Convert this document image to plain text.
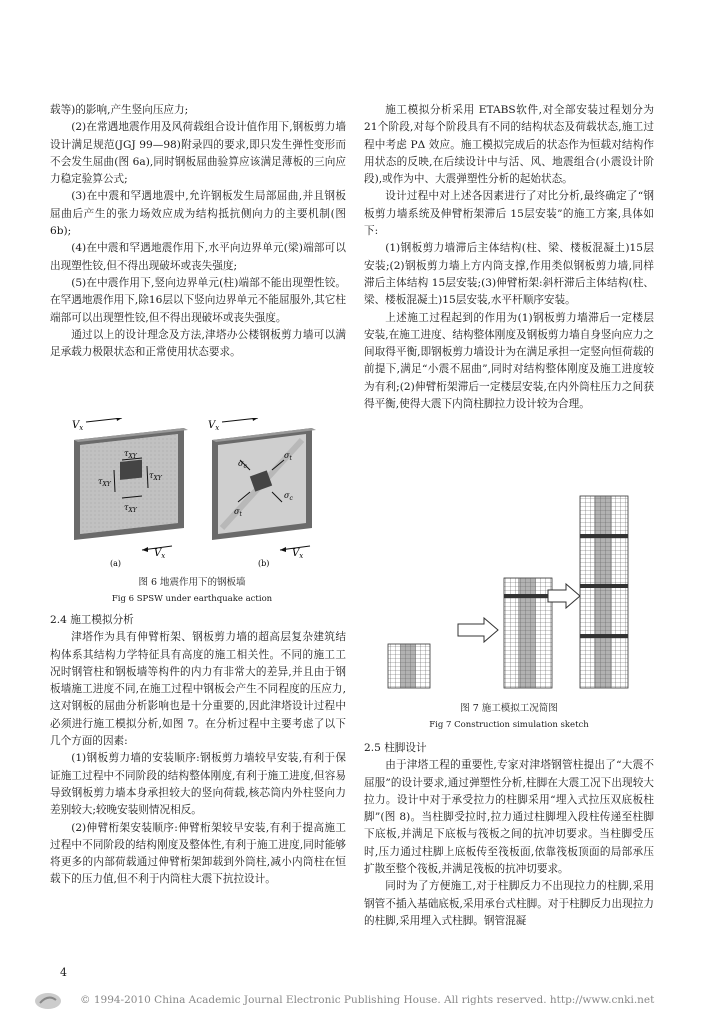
载等)的影响,产生竖向压应力;

(2)在常遇地震作用及风荷载组合设计值作用下,钢板剪力墙设计满足规范(JGJ 99—98)附录四的要求,即只发生弹性变形而不会发生屈曲(图 6a),同时钢板屈曲验算应该满足薄板的三向应力稳定验算公式;

(3)在中震和罕遇地震中,允许钢板发生局部屈曲,并且钢板屈曲后产生的张力场效应成为结构抵抗侧向力的主要机制(图 6b);

(4)在中震和罕遇地震作用下,水平向边界单元(梁)端部可以出现塑性铰,但不得出现破坏或丧失强度;

(5)在中震作用下,竖向边界单元(柱)端部不能出现塑性铰。在罕遇地震作用下,除16层以下竖向边界单元不能屈服外,其它柱端部可以出现塑性铰,但不得出现破坏或丧失强度。

通过以上的设计理念及方法,津塔办公楼钢板剪力墙可以满足承载力极限状态和正常使用状态要求。

$V_x$
$V_x$
$\tau_{XY}$
$\tau_{XY}$
$\tau_{XY}$
$\tau_{XY}$
(a)
$V_x$
$V_x$
$\sigma_c$
$\sigma_t$
$\sigma_c$
$\sigma_t$
(b)
图 6 地震作用下的钢板墙
Fig 6 SPSW under earthquake action

2.4 施工模拟分析

津塔作为具有伸臂桁架、钢板剪力墙的超高层复杂建筑结构体系其结构力学特征具有高度的施工相关性。不同的施工工况时钢管柱和钢板墙等构件的内力有非常大的差异,并且由于钢板墙施工进度不同,在施工过程中钢板会产生不同程度的压应力,这对钢板的屈曲分析影响也是十分重要的,因此津塔设计过程中必须进行施工模拟分析,如图 7。在分析过程中主要考虑了以下几个方面的因素:

(1)钢板剪力墙的安装顺序:钢板剪力墙较早安装,有利于保证施工过程中不同阶段的结构整体刚度,有利于施工进度,但容易导致钢板剪力墙本身承担较大的竖向荷载,核芯筒内外柱竖向力差别较大;较晚安装则情况相反。

(2)伸臂桁架安装顺序:伸臂桁架较早安装,有利于提高施工过程中不同阶段的结构刚度及整体性,有利于施工进度,同时能够将更多的内部荷载通过伸臂桁架卸载到外筒柱,减小内筒柱在恒载下的压力值,但不利于内筒柱大震下抗拉设计。

施工模拟分析采用 ETABS软件,对全部安装过程划分为 21个阶段,对每个阶段具有不同的结构状态及荷载状态,施工过程中考虑 PΔ 效应。施工模拟完成后的状态作为恒载对结构作用状态的反映,在后续设计中与活、风、地震组合(小震设计阶段),或作为中、大震弹塑性分析的起始状态。

设计过程中对上述各因素进行了对比分析,最终确定了“钢板剪力墙系统及伸臂桁架滞后 15层安装”的施工方案,具体如下:

(1)钢板剪力墙滞后主体结构(柱、梁、楼板混凝土)15层安装;(2)钢板剪力墙上方内筒支撑,作用类似钢板剪力墙,同样滞后主体结构 15层安装;(3)伸臂桁架:斜杆滞后主体结构(柱、梁、楼板混凝土)15层安装,水平杆顺序安装。

上述施工过程起到的作用为(1)钢板剪力墙滞后一定楼层安装,在施工进度、结构整体刚度及钢板剪力墙自身竖向应力之间取得平衡,即钢板剪力墙设计为在满足承担一定竖向恒荷载的前提下,满足“小震不屈曲”,同时对结构整体刚度及施工进度较为有利;(2)伸臂桁架滞后一定楼层安装,在内外筒柱压力之间获得平衡,使得大震下内筒柱脚拉力设计较为合理。

图 7 施工模拟工况简图
Fig 7 Construction simulation sketch

2.5 柱脚设计

由于津塔工程的重要性,专家对津塔钢管柱提出了“大震不屈服”的设计要求,通过弹塑性分析,柱脚在大震工况下出现较大拉力。设计中对于承受拉力的柱脚采用“埋入式拉压双底板柱脚”(图 8)。当柱脚受拉时,拉力通过柱脚埋入段柱传递至柱脚下底板,并满足下底板与筏板之间的抗冲切要求。当柱脚受压时,压力通过柱脚上底板传至筏板面,依靠筏板顶面的局部承压扩散至整个筏板,并满足筏板的抗冲切要求。

同时为了方便施工,对于柱脚反力不出现拉力的柱脚,采用钢管不插入基础底板,采用承台式柱脚。对于柱脚反力出现拉力的柱脚,采用埋入式柱脚。钢管混凝

4
© 1994-2010 China Academic Journal Electronic Publishing House. All rights reserved. http://www.cnki.net
